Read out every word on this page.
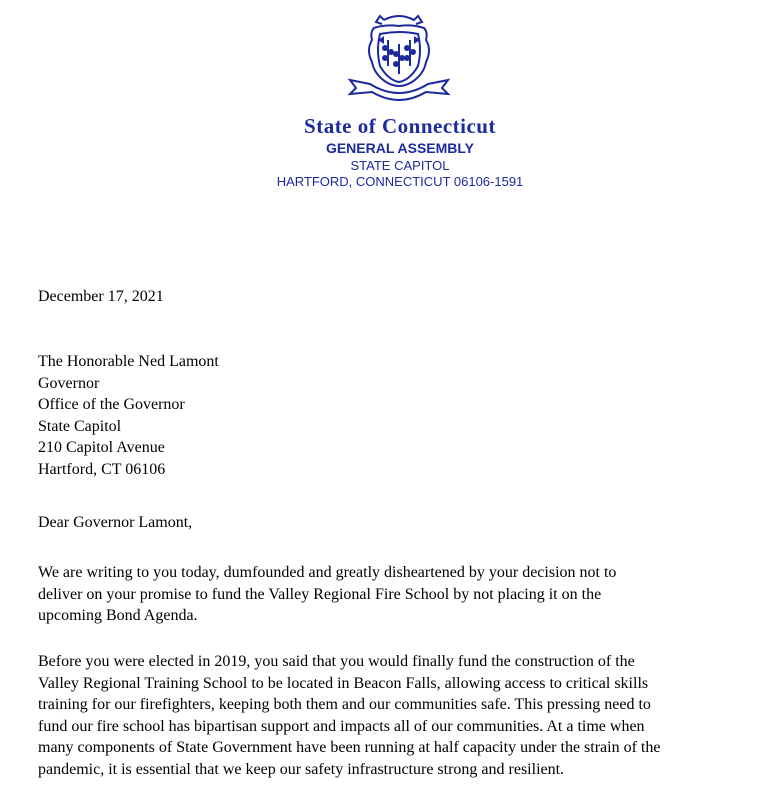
State of Connecticut
GENERAL ASSEMBLY
STATE CAPITOL
HARTFORD, CONNECTICUT 06106-1591
December 17, 2021
The Honorable Ned Lamont
Governor
Office of the Governor
State Capitol
210 Capitol Avenue
Hartford, CT 06106
Dear Governor Lamont,
We are writing to you today, dumfounded and greatly disheartened by your decision not to
deliver on your promise to fund the Valley Regional Fire School by not placing it on the
upcoming Bond Agenda.
Before you were elected in 2019, you said that you would finally fund the construction of the
Valley Regional Training School to be located in Beacon Falls, allowing access to critical skills
training for our firefighters, keeping both them and our communities safe. This pressing need to
fund our fire school has bipartisan support and impacts all of our communities. At a time when
many components of State Government have been running at half capacity under the strain of the
pandemic, it is essential that we keep our safety infrastructure strong and resilient.
